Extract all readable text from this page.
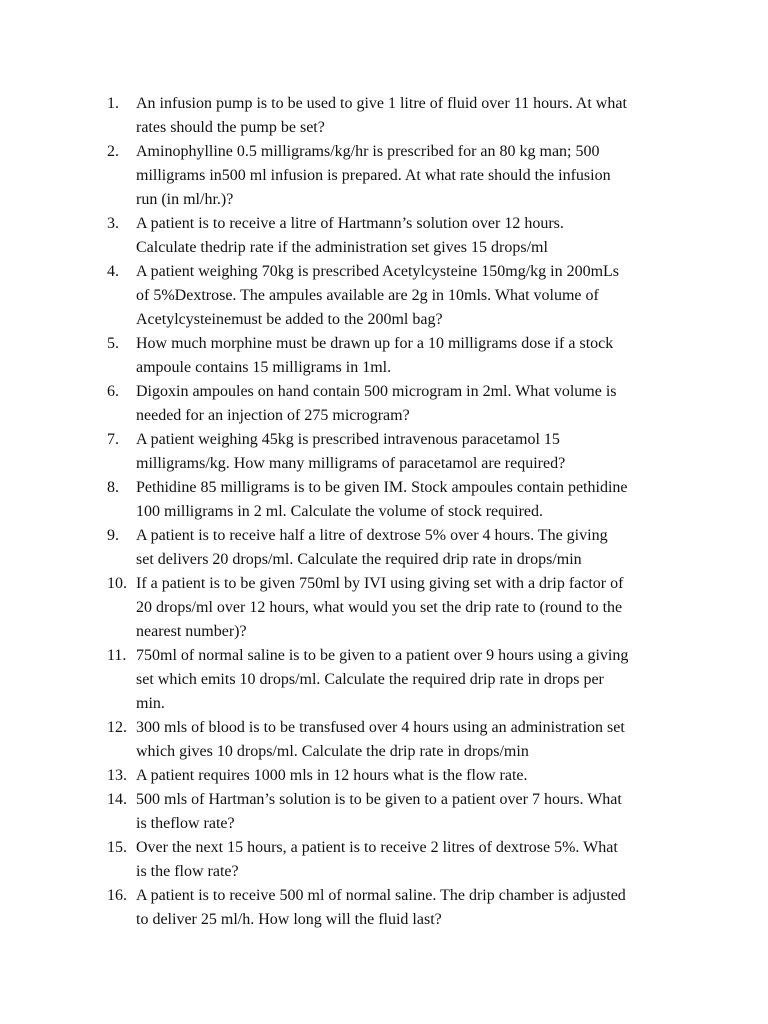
1.	An infusion pump is to be used to give 1 litre of fluid over 11 hours. At what
rates should the pump be set?
2.	Aminophylline 0.5 milligrams/kg/hr is prescribed for an 80 kg man; 500
milligrams in500 ml infusion is prepared. At what rate should the infusion
run (in ml/hr.)?
3.	A patient is to receive a litre of Hartmann’s solution over 12 hours.
Calculate thedrip rate if the administration set gives 15 drops/ml
4.	A patient weighing 70kg is prescribed Acetylcysteine 150mg/kg in 200mLs
of 5%Dextrose. The ampules available are 2g in 10mls. What volume of
Acetylcysteinemust be added to the 200ml bag?
5.	How much morphine must be drawn up for a 10 milligrams dose if a stock
ampoule contains 15 milligrams in 1ml.
6.	Digoxin ampoules on hand contain 500 microgram in 2ml. What volume is
needed for an injection of 275 microgram?
7.	A patient weighing 45kg is prescribed intravenous paracetamol 15
milligrams/kg. How many milligrams of paracetamol are required?
8.	Pethidine 85 milligrams is to be given IM. Stock ampoules contain pethidine
100 milligrams in 2 ml. Calculate the volume of stock required.
9.	A patient is to receive half a litre of dextrose 5% over 4 hours. The giving
set delivers 20 drops/ml. Calculate the required drip rate in drops/min
10. If a patient is to be given 750ml by IVI using giving set with a drip factor of
20 drops/ml over 12 hours, what would you set the drip rate to (round to the
nearest number)?
11. 750ml of normal saline is to be given to a patient over 9 hours using a giving
set which emits 10 drops/ml. Calculate the required drip rate in drops per
min.
12. 300 mls of blood is to be transfused over 4 hours using an administration set
which gives 10 drops/ml. Calculate the drip rate in drops/min
13. A patient requires 1000 mls in 12 hours what is the flow rate.
14. 500 mls of Hartman’s solution is to be given to a patient over 7 hours. What
is theflow rate?
15. Over the next 15 hours, a patient is to receive 2 litres of dextrose 5%. What
is the flow rate?
16. A patient is to receive 500 ml of normal saline. The drip chamber is adjusted
to deliver 25 ml/h. How long will the fluid last?
